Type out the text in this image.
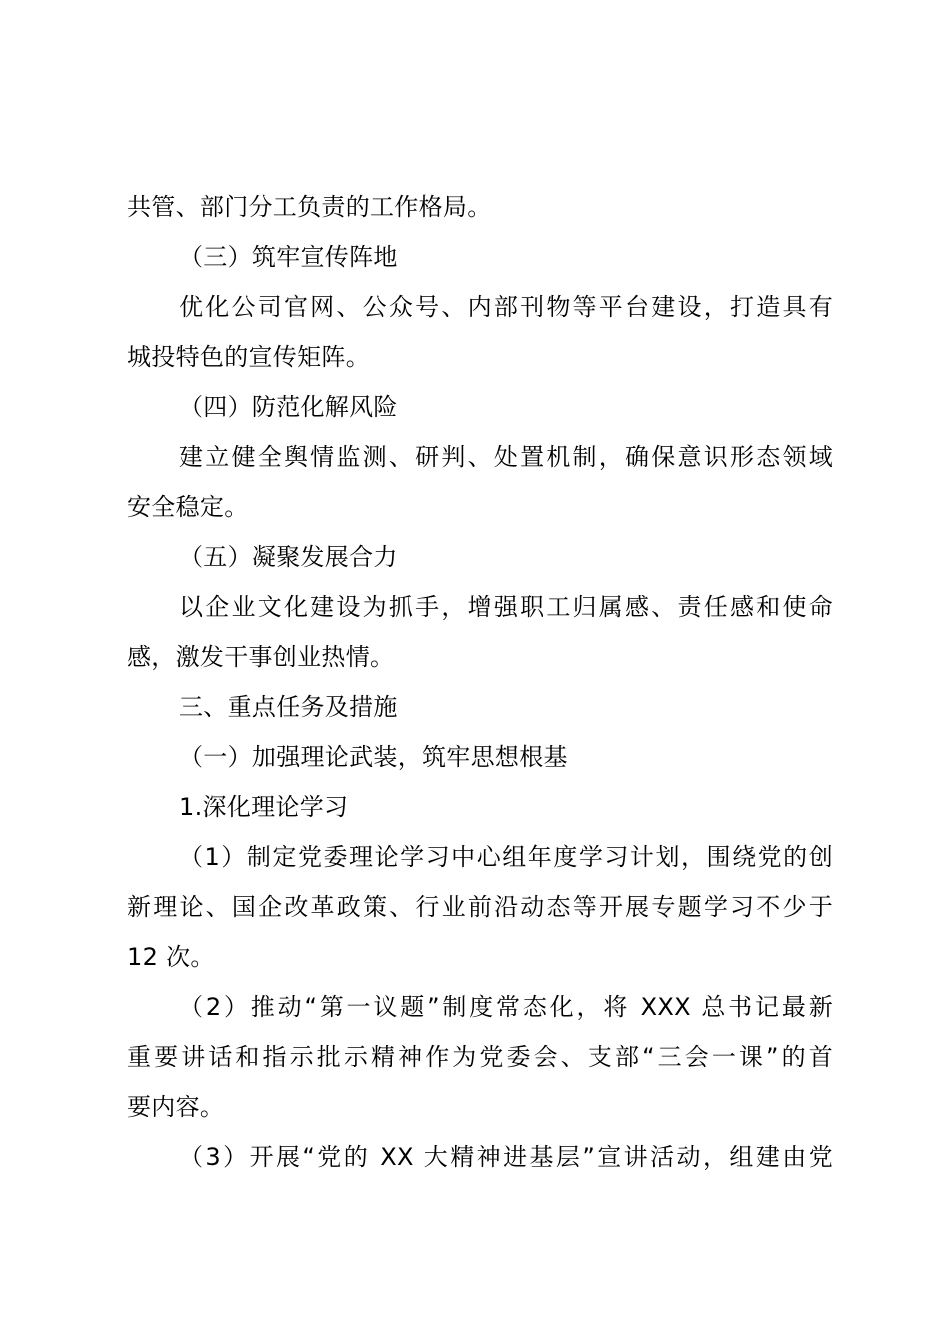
共管、部门分工负责的工作格局。
（三）筑牢宣传阵地
优化公司官网、公众号、内部刊物等平台建设，打造具有
城投特色的宣传矩阵。
（四）防范化解风险
建立健全舆情监测、研判、处置机制，确保意识形态领域
安全稳定。
（五）凝聚发展合力
以企业文化建设为抓手，增强职工归属感、责任感和使命
感，激发干事创业热情。
三、重点任务及措施
（一）加强理论武装，筑牢思想根基
1.深化理论学习
（1）制定党委理论学习中心组年度学习计划，围绕党的创
新理论、国企改革政策、行业前沿动态等开展专题学习不少于
12 次。
（2）推动“第一议题”制度常态化，将 XXX 总书记最新
重要讲话和指示批示精神作为党委会、支部“三会一课”的首
要内容。
（3）开展“党的 XX 大精神进基层”宣讲活动，组建由党
